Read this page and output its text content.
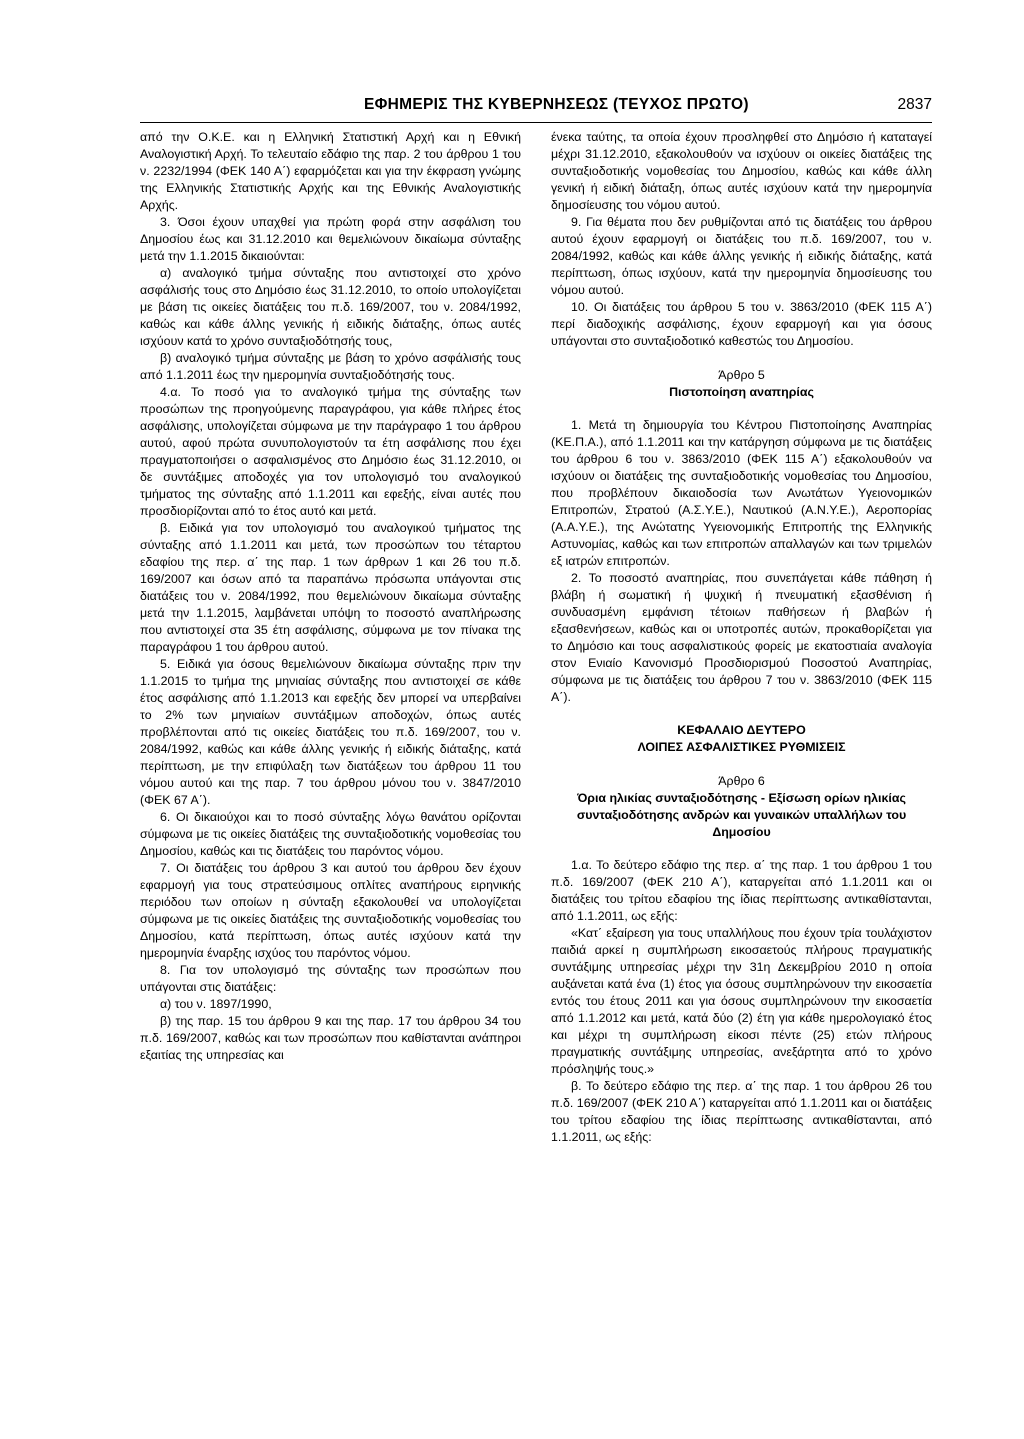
ΕΦΗΜΕΡΙΣ ΤΗΣ ΚΥΒΕΡΝΗΣΕΩΣ (ΤΕΥΧΟΣ ΠΡΩΤΟ)	2837

από την Ο.Κ.Ε. και η Ελληνική Στατιστική Αρχή και η Εθνική Αναλογιστική Αρχή. Το τελευταίο εδάφιο της παρ. 2 του άρθρου 1 του ν. 2232/1994 (ΦΕΚ 140 Α΄) εφαρμόζεται και για την έκφραση γνώμης της Ελληνικής Στατιστικής Αρχής και της Εθνικής Αναλογιστικής Αρχής.

3. Όσοι έχουν υπαχθεί για πρώτη φορά στην ασφάλιση του Δημοσίου έως και 31.12.2010 και θεμελιώνουν δικαίωμα σύνταξης μετά την 1.1.2015 δικαιούνται:

α) αναλογικό τμήμα σύνταξης που αντιστοιχεί στο χρόνο ασφάλισής τους στο Δημόσιο έως 31.12.2010, το οποίο υπολογίζεται με βάση τις οικείες διατάξεις του π.δ. 169/2007, του ν. 2084/1992, καθώς και κάθε άλλης γενικής ή ειδικής διάταξης, όπως αυτές ισχύουν κατά το χρόνο συνταξιοδότησής τους,

β) αναλογικό τμήμα σύνταξης με βάση το χρόνο ασφάλισής τους από 1.1.2011 έως την ημερομηνία συνταξιοδότησής τους.

4.α. Το ποσό για το αναλογικό τμήμα της σύνταξης των προσώπων της προηγούμενης παραγράφου, για κάθε πλήρες έτος ασφάλισης, υπολογίζεται σύμφωνα με την παράγραφο 1 του άρθρου αυτού, αφού πρώτα συνυπολογιστούν τα έτη ασφάλισης που έχει πραγματοποιήσει ο ασφαλισμένος στο Δημόσιο έως 31.12.2010, οι δε συντάξιμες αποδοχές για τον υπολογισμό του αναλογικού τμήματος της σύνταξης από 1.1.2011 και εφεξής, είναι αυτές που προσδιορίζονται από το έτος αυτό και μετά.

β. Ειδικά για τον υπολογισμό του αναλογικού τμήματος της σύνταξης από 1.1.2011 και μετά, των προσώπων του τέταρτου εδαφίου της περ. α΄ της παρ. 1 των άρθρων 1 και 26 του π.δ. 169/2007 και όσων από τα παραπάνω πρόσωπα υπάγονται στις διατάξεις του ν. 2084/1992, που θεμελιώνουν δικαίωμα σύνταξης μετά την 1.1.2015, λαμβάνεται υπόψη το ποσοστό αναπλήρωσης που αντιστοιχεί στα 35 έτη ασφάλισης, σύμφωνα με τον πίνακα της παραγράφου 1 του άρθρου αυτού.

5. Ειδικά για όσους θεμελιώνουν δικαίωμα σύνταξης πριν την 1.1.2015 το τμήμα της μηνιαίας σύνταξης που αντιστοιχεί σε κάθε έτος ασφάλισης από 1.1.2013 και εφεξής δεν μπορεί να υπερβαίνει το 2% των μηνιαίων συντάξιμων αποδοχών, όπως αυτές προβλέπονται από τις οικείες διατάξεις του π.δ. 169/2007, του ν. 2084/1992, καθώς και κάθε άλλης γενικής ή ειδικής διάταξης, κατά περίπτωση, με την επιφύλαξη των διατάξεων του άρθρου 11 του νόμου αυτού και της παρ. 7 του άρθρου μόνου του ν. 3847/2010 (ΦΕΚ 67 Α΄).

6. Οι δικαιούχοι και το ποσό σύνταξης λόγω θανάτου ορίζονται σύμφωνα με τις οικείες διατάξεις της συνταξιοδοτικής νομοθεσίας του Δημοσίου, καθώς και τις διατάξεις του παρόντος νόμου.

7. Οι διατάξεις του άρθρου 3 και αυτού του άρθρου δεν έχουν εφαρμογή για τους στρατεύσιμους οπλίτες αναπήρους ειρηνικής περιόδου των οποίων η σύνταξη εξακολουθεί να υπολογίζεται σύμφωνα με τις οικείες διατάξεις της συνταξιοδοτικής νομοθεσίας του Δημοσίου, κατά περίπτωση, όπως αυτές ισχύουν κατά την ημερομηνία έναρξης ισχύος του παρόντος νόμου.

8. Για τον υπολογισμό της σύνταξης των προσώπων που υπάγονται στις διατάξεις:

α) του ν. 1897/1990,

β) της παρ. 15 του άρθρου 9 και της παρ. 17 του άρθρου 34 του π.δ. 169/2007, καθώς και των προσώπων που καθίστανται ανάπηροι εξαιτίας της υπηρεσίας και

ένεκα ταύτης, τα οποία έχουν προσληφθεί στο Δημόσιο ή καταταγεί μέχρι 31.12.2010, εξακολουθούν να ισχύουν οι οικείες διατάξεις της συνταξιοδοτικής νομοθεσίας του Δημοσίου, καθώς και κάθε άλλη γενική ή ειδική διάταξη, όπως αυτές ισχύουν κατά την ημερομηνία δημοσίευσης του νόμου αυτού.

9. Για θέματα που δεν ρυθμίζονται από τις διατάξεις του άρθρου αυτού έχουν εφαρμογή οι διατάξεις του π.δ. 169/2007, του ν. 2084/1992, καθώς και κάθε άλλης γενικής ή ειδικής διάταξης, κατά περίπτωση, όπως ισχύουν, κατά την ημερομηνία δημοσίευσης του νόμου αυτού.

10. Οι διατάξεις του άρθρου 5 του ν. 3863/2010 (ΦΕΚ 115 Α΄) περί διαδοχικής ασφάλισης, έχουν εφαρμογή και για όσους υπάγονται στο συνταξιοδοτικό καθεστώς του Δημοσίου.

Άρθρο 5

Πιστοποίηση αναπηρίας

1. Μετά τη δημιουργία του Κέντρου Πιστοποίησης Αναπηρίας (ΚΕ.Π.Α.), από 1.1.2011 και την κατάργηση σύμφωνα με τις διατάξεις του άρθρου 6 του ν. 3863/2010 (ΦΕΚ 115 Α΄) εξακολουθούν να ισχύουν οι διατάξεις της συνταξιοδοτικής νομοθεσίας του Δημοσίου, που προβλέπουν δικαιοδοσία των Ανωτάτων Υγειονομικών Επιτροπών, Στρατού (Α.Σ.Υ.Ε.), Ναυτικού (Α.Ν.Υ.Ε.), Αεροπορίας (Α.Α.Υ.Ε.), της Ανώτατης Υγειονομικής Επιτροπής της Ελληνικής Αστυνομίας, καθώς και των επιτροπών απαλλαγών και των τριμελών εξ ιατρών επιτροπών.

2. Το ποσοστό αναπηρίας, που συνεπάγεται κάθε πάθηση ή βλάβη ή σωματική ή ψυχική ή πνευματική εξασθένιση ή συνδυασμένη εμφάνιση τέτοιων παθήσεων ή βλαβών ή εξασθενήσεων, καθώς και οι υποτροπές αυτών, προκαθορίζεται για το Δημόσιο και τους ασφαλιστικούς φορείς με εκατοστιαία αναλογία στον Ενιαίο Κανονισμό Προσδιορισμού Ποσοστού Αναπηρίας, σύμφωνα με τις διατάξεις του άρθρου 7 του ν. 3863/2010 (ΦΕΚ 115 Α΄).

ΚΕΦΑΛΑΙΟ ΔΕΥΤΕΡΟ

ΛΟΙΠΕΣ ΑΣΦΑΛΙΣΤΙΚΕΣ ΡΥΘΜΙΣΕΙΣ

Άρθρο 6

Όρια ηλικίας συνταξιοδότησης - Εξίσωση ορίων ηλικίας συνταξιοδότησης ανδρών και γυναικών υπαλλήλων του Δημοσίου

1.α. Το δεύτερο εδάφιο της περ. α΄ της παρ. 1 του άρθρου 1 του π.δ. 169/2007 (ΦΕΚ 210 Α΄), καταργείται από 1.1.2011 και οι διατάξεις του τρίτου εδαφίου της ίδιας περίπτωσης αντικαθίστανται, από 1.1.2011, ως εξής:

«Κατ΄ εξαίρεση για τους υπαλλήλους που έχουν τρία τουλάχιστον παιδιά αρκεί η συμπλήρωση εικοσαετούς πλήρους πραγματικής συντάξιμης υπηρεσίας μέχρι την 31η Δεκεμβρίου 2010 η οποία αυξάνεται κατά ένα (1) έτος για όσους συμπληρώνουν την εικοσαετία εντός του έτους 2011 και για όσους συμπληρώνουν την εικοσαετία από 1.1.2012 και μετά, κατά δύο (2) έτη για κάθε ημερολογιακό έτος και μέχρι τη συμπλήρωση είκοσι πέντε (25) ετών πλήρους πραγματικής συντάξιμης υπηρεσίας, ανεξάρτητα από το χρόνο πρόσληψής τους.»

β. Το δεύτερο εδάφιο της περ. α΄ της παρ. 1 του άρθρου 26 του π.δ. 169/2007 (ΦΕΚ 210 Α΄) καταργείται από 1.1.2011 και οι διατάξεις του τρίτου εδαφίου της ίδιας περίπτωσης αντικαθίστανται, από 1.1.2011, ως εξής:
